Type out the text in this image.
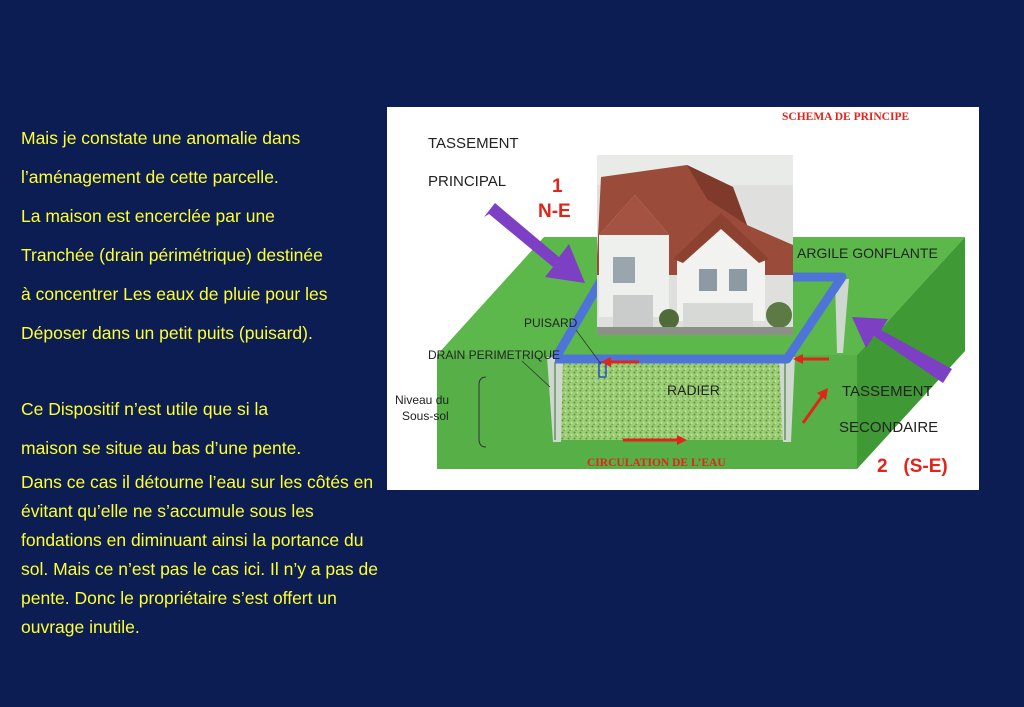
Mais je constate une anomalie dans

l’aménagement de cette parcelle.

La maison est encerclée par une

Tranchée (drain périmétrique) destinée

à concentrer Les eaux de pluie pour les

Déposer dans un petit puits (puisard).

Ce Dispositif n’est utile que si la

maison se situe au bas d’une pente.

Dans ce cas il détourne l’eau sur les côtés en évitant qu’elle ne s’accumule sous les fondations en diminuant ainsi la portance du sol. Mais ce n’est pas le cas ici. Il n’y a pas de pente. Donc le propriétaire s’est offert un ouvrage inutile.

SCHEMA DE PRINCIPE
TASSEMENT
PRINCIPAL 1
N-E
ARGILE GONFLANTE
PUISARD
DRAIN PERIMETRIQUE
RADIER
Niveau du
Sous-sol
TASSEMENT
SECONDAIRE
CIRCULATION DE L’EAU	2   (S-E)
